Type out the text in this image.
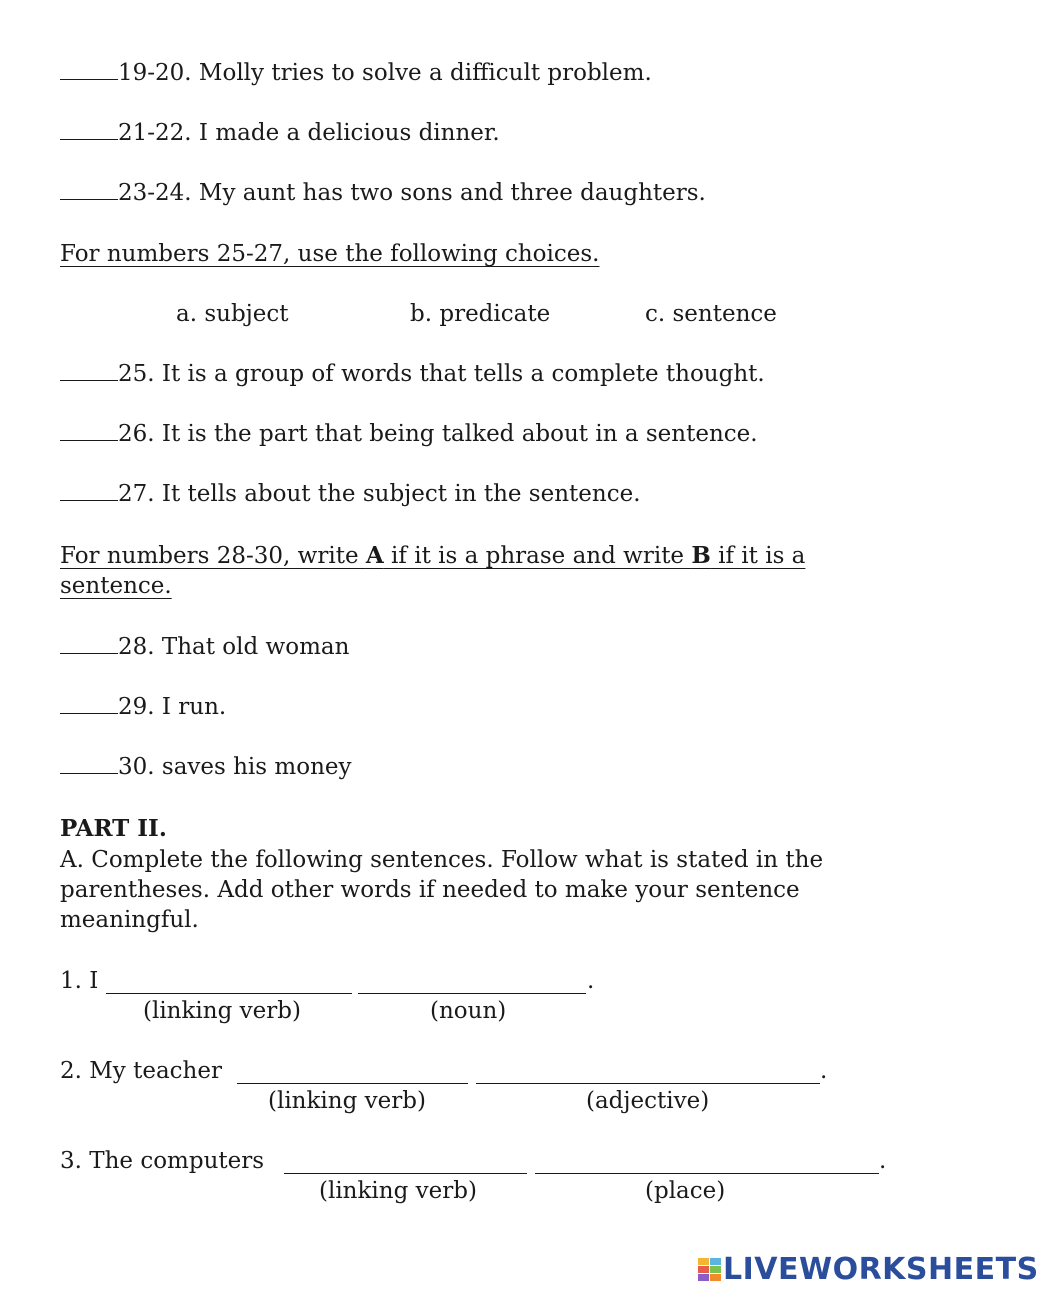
19-20. Molly tries to solve a difficult problem.
21-22. I made a delicious dinner.
23-24. My aunt has two sons and three daughters.
For numbers 25-27, use the following choices.
a. subject	b. predicate	c. sentence
25. It is a group of words that tells a complete thought.
26. It is the part that being talked about in a sentence.
27. It tells about the subject in the sentence.
For numbers 28-30, write A if it is a phrase and write B if it is a
sentence.
28. That old woman
29. I run.
30. saves his money
PART II.
A. Complete the following sentences. Follow what is stated in the
parentheses. Add other words if needed to make your sentence
meaningful.
1. I	.
(linking verb)	(noun)
2. My teacher	.
(linking verb)	(adjective)
3. The computers	.
(linking verb)	(place)
LIVEWORKSHEETS
